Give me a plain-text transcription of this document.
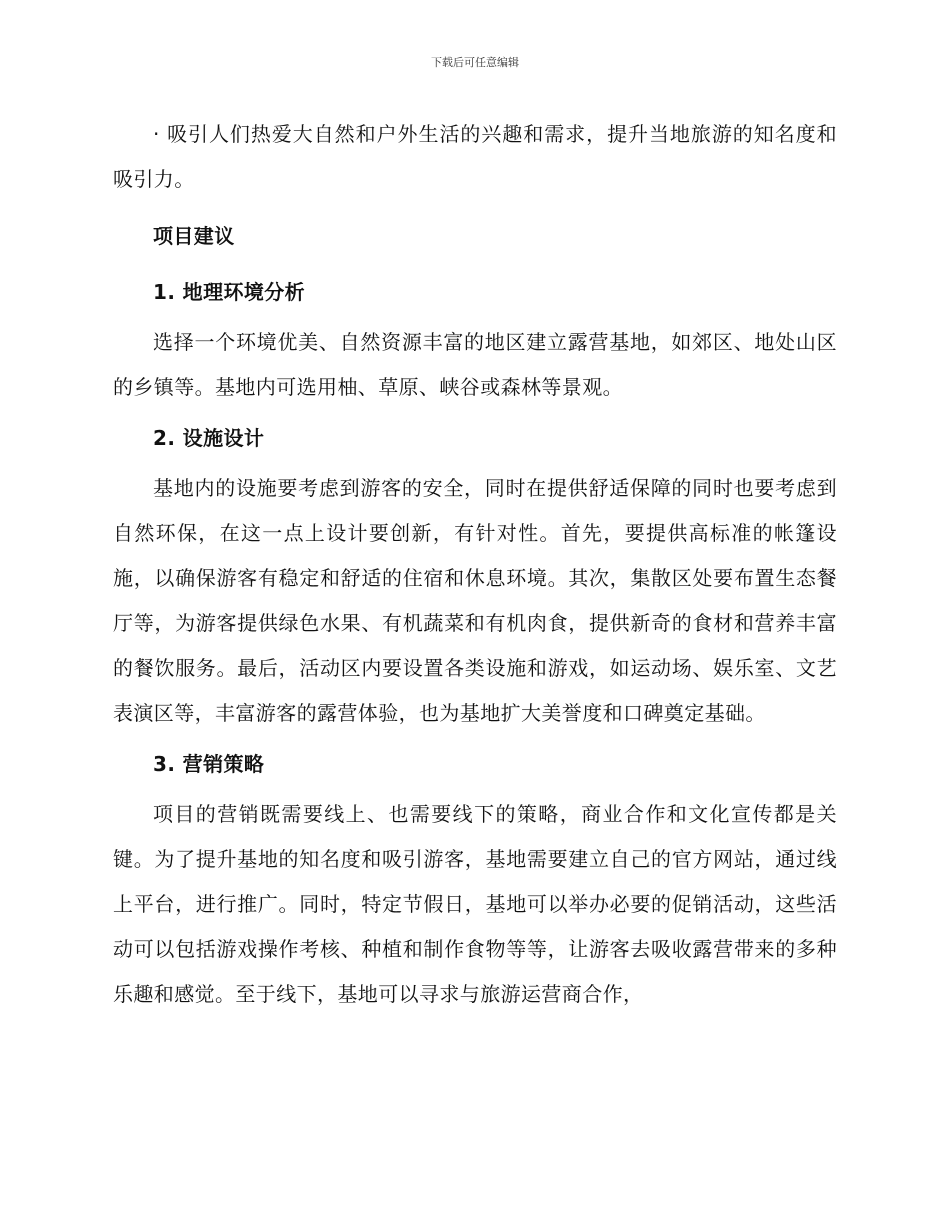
下载后可任意编辑

· 吸引人们热爱大自然和户外生活的兴趣和需求，提升当地旅游的知名度和吸引力。

项目建议

1. 地理环境分析

选择一个环境优美、自然资源丰富的地区建立露营基地，如郊区、地处山区的乡镇等。基地内可选用柚、草原、峡谷或森林等景观。

2. 设施设计

基地内的设施要考虑到游客的安全，同时在提供舒适保障的同时也要考虑到自然环保，在这一点上设计要创新，有针对性。首先，要提供高标准的帐篷设施，以确保游客有稳定和舒适的住宿和休息环境。其次，集散区处要布置生态餐厅等，为游客提供绿色水果、有机蔬菜和有机肉食，提供新奇的食材和营养丰富的餐饮服务。最后，活动区内要设置各类设施和游戏，如运动场、娱乐室、文艺表演区等，丰富游客的露营体验，也为基地扩大美誉度和口碑奠定基础。

3. 营销策略

项目的营销既需要线上、也需要线下的策略，商业合作和文化宣传都是关键。为了提升基地的知名度和吸引游客，基地需要建立自己的官方网站，通过线上平台，进行推广。同时，特定节假日，基地可以举办必要的促销活动，这些活动可以包括游戏操作考核、种植和制作食物等等，让游客去吸收露营带来的多种乐趣和感觉。至于线下，基地可以寻求与旅游运营商合作，
